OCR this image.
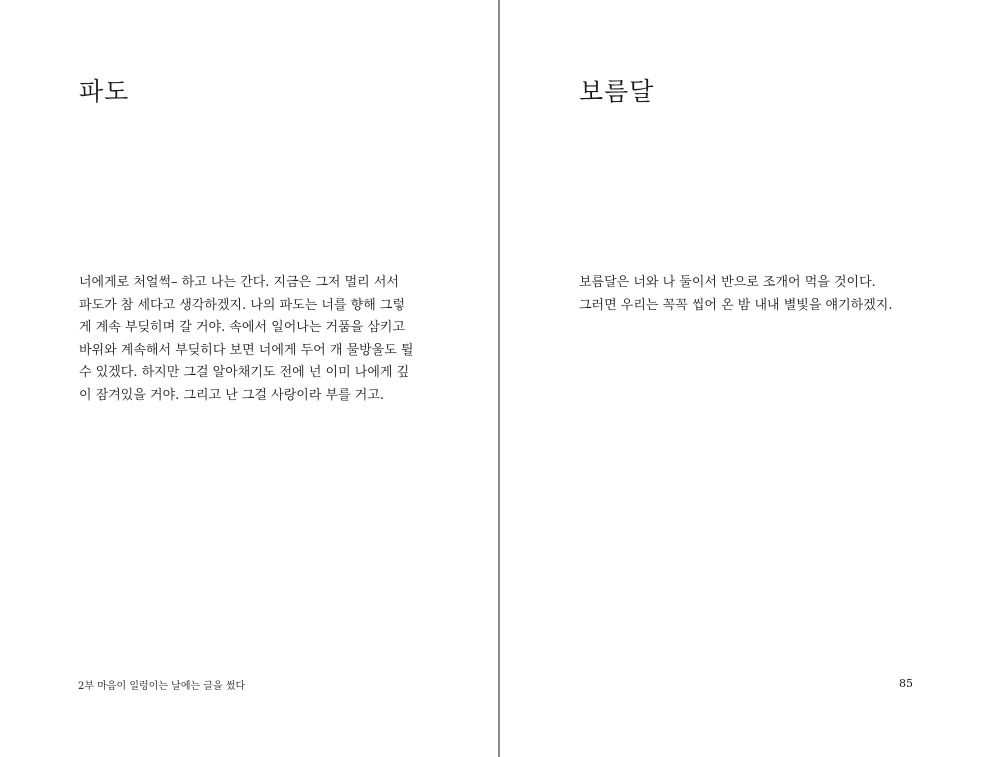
파도

너에게로 처얼썩– 하고 나는 간다. 지금은 그저 멀리 서서
파도가 참 세다고 생각하겠지. 나의 파도는 너를 향해 그렇
게 계속 부딪히며 갈 거야. 속에서 일어나는 거품을 삼키고
바위와 계속해서 부딪히다 보면 너에게 두어 개 물방울도 튈
수 있겠다. 하지만 그걸 알아채기도 전에 넌 이미 나에게 깊
이 잠겨있을 거야. 그리고 난 그걸 사랑이라 부를 거고.

2부 마음이 일렁이는 날에는 글을 썼다
보름달

보름달은 너와 나 둘이서 반으로 조개어 먹을 것이다.
그러면 우리는 꼭꼭 씹어 온 밤 내내 별빛을 얘기하겠지.

85
